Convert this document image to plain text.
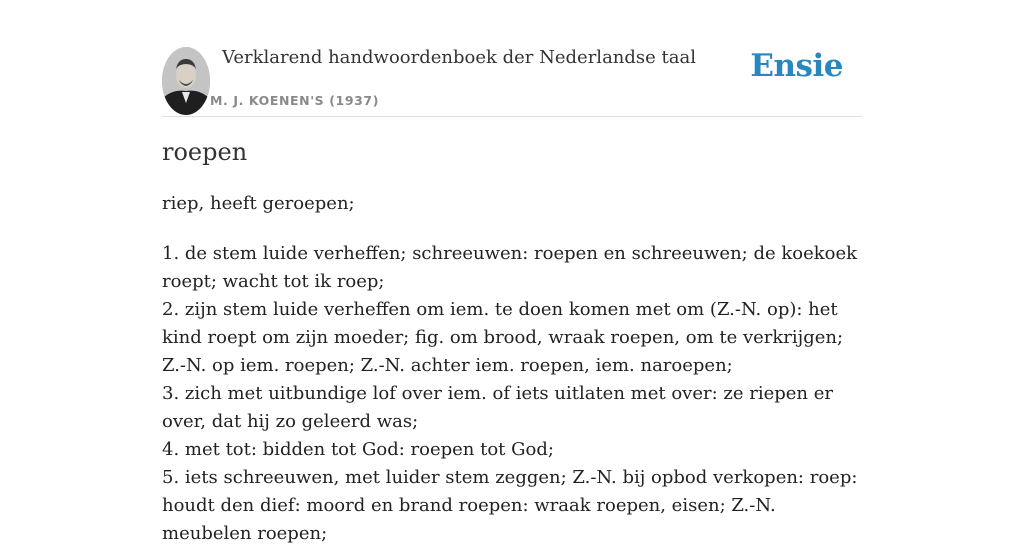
Verklarend handwoordenboek der Nederlandse taal
M. J. KOENEN'S (1937)
Ensie
roepen

riep, heeft geroepen;

1. de stem luide verheffen; schreeuwen: roepen en schreeuwen; de koekoek roept; wacht tot ik roep;
2. zijn stem luide verheffen om iem. te doen komen met om (Z.-N. op): het kind roept om zijn moeder; fig. om brood, wraak roepen, om te verkrijgen; Z.-N. op iem. roepen; Z.-N. achter iem. roepen, iem. naroepen;
3. zich met uitbundige lof over iem. of iets uitlaten met over: ze riepen er over, dat hij zo geleerd was;
4. met tot: bidden tot God: roepen tot God;
5. iets schreeuwen, met luider stem zeggen; Z.-N. bij opbod verkopen: roep: houdt den dief: moord en brand roepen: wraak roepen, eisen; Z.-N. meubelen roepen;
